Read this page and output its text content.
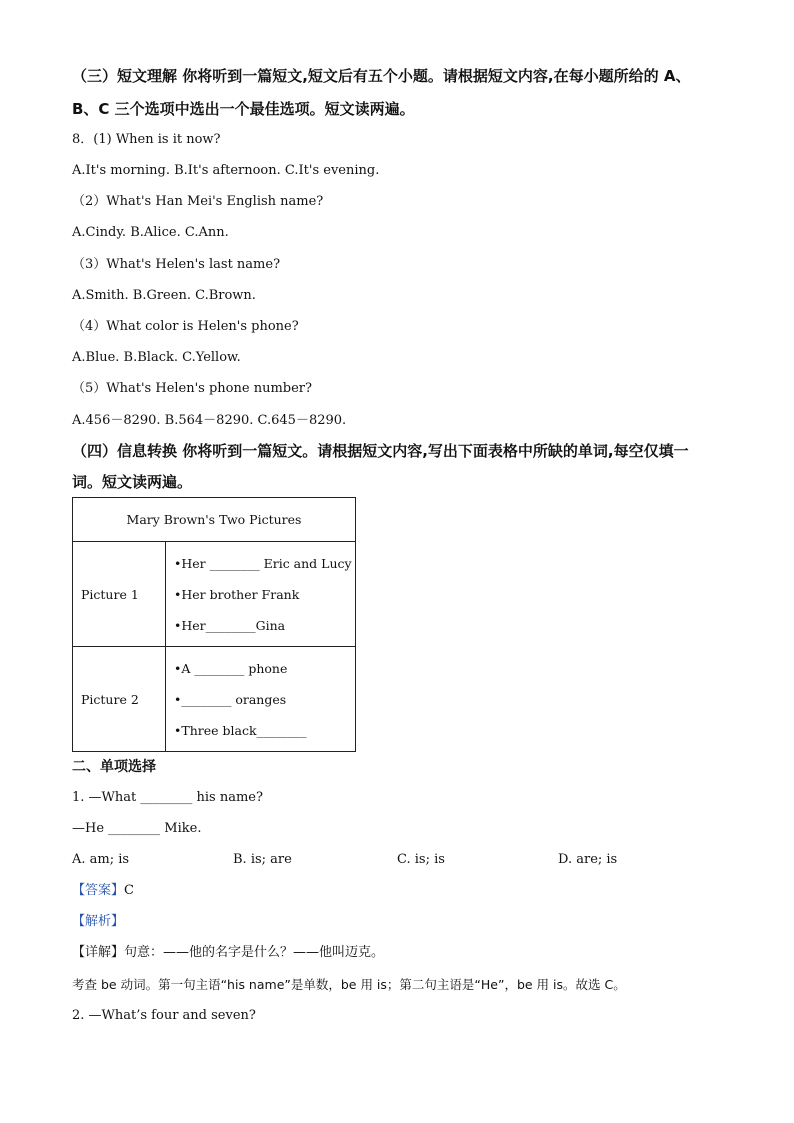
（三）短文理解 你将听到一篇短文,短文后有五个小题。请根据短文内容,在每小题所给的 A、
B、C 三个选项中选出一个最佳选项。短文读两遍。
8．(1) When is it now?
A.It's morning. B.It's afternoon. C.It's evening.
（2）What's Han Mei's English name?
A.Cindy. B.Alice. C.Ann.
（3）What's Helen's last name?
A.Smith. B.Green. C.Brown.
（4）What color is Helen's phone?
A.Blue. B.Black. C.Yellow.
（5）What's Helen's phone number?
A.456－8290. B.564－8290. C.645－8290.
（四）信息转换 你将听到一篇短文。请根据短文内容,写出下面表格中所缺的单词,每空仅填一
词。短文读两遍。
Mary Brown's Two Pictures	
Picture 1	•Her ________ Eric and Lucy
•Her brother Frank
•Her________Gina

Picture 2	•A ________ phone
•________ oranges
•Three black________
二、单项选择
1. —What ________ his name?
—He ________ Mike.
A. am; is	B. is; are	C. is; is	D. are; is
【答案】C
【解析】
【详解】句意：——他的名字是什么？——他叫迈克。
考查 be 动词。第一句主语“his name”是单数，be 用 is；第二句主语是“He”，be 用 is。故选 C。
2. —What’s four and seven?
